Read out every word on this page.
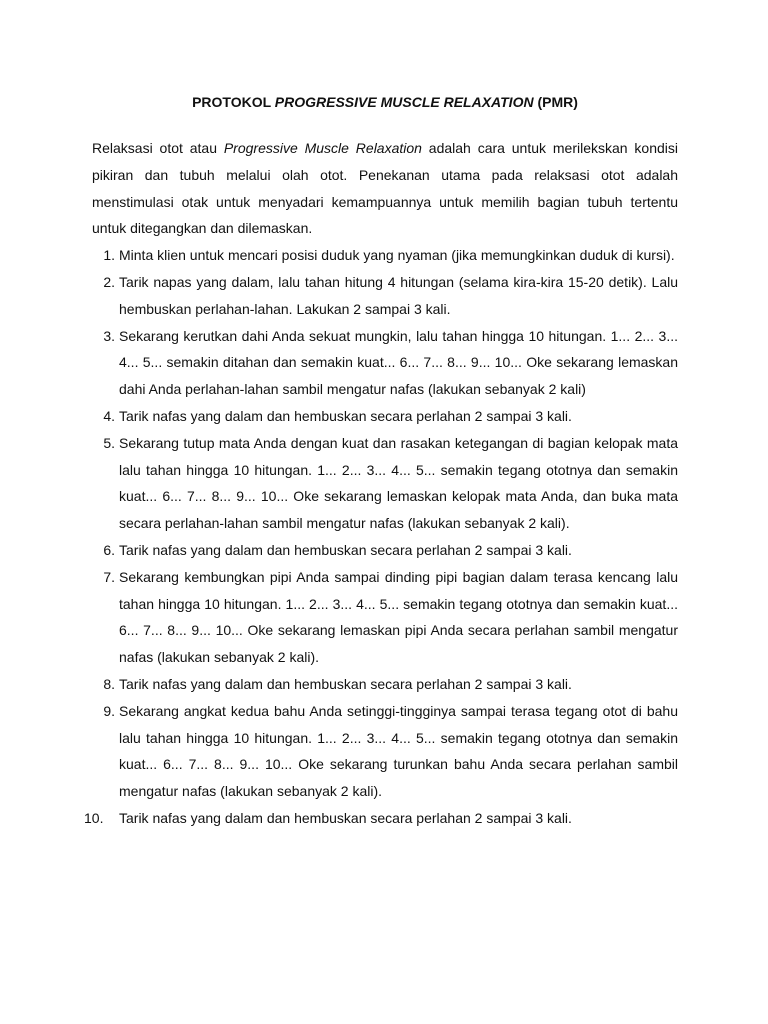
PROTOKOL PROGRESSIVE MUSCLE RELAXATION (PMR)

Relaksasi otot atau Progressive Muscle Relaxation adalah cara untuk merilekskan kondisi pikiran dan tubuh melalui olah otot. Penekanan utama pada relaksasi otot adalah menstimulasi otak untuk menyadari kemampuannya untuk memilih bagian tubuh tertentu untuk ditegangkan dan dilemaskan.

1. Minta klien untuk mencari posisi duduk yang nyaman (jika memungkinkan duduk di kursi).
2. Tarik napas yang dalam, lalu tahan hitung 4 hitungan (selama kira-kira 15-20 detik). Lalu hembuskan perlahan-lahan. Lakukan 2 sampai 3 kali.
3. Sekarang kerutkan dahi Anda sekuat mungkin, lalu tahan hingga 10 hitungan. 1... 2... 3... 4... 5... semakin ditahan dan semakin kuat... 6... 7... 8... 9... 10... Oke sekarang lemaskan dahi Anda perlahan-lahan sambil mengatur nafas (lakukan sebanyak 2 kali)
4. Tarik nafas yang dalam dan hembuskan secara perlahan 2 sampai 3 kali.
5. Sekarang tutup mata Anda dengan kuat dan rasakan ketegangan di bagian kelopak mata lalu tahan hingga 10 hitungan. 1... 2... 3... 4... 5... semakin tegang ototnya dan semakin kuat... 6... 7... 8... 9... 10... Oke sekarang lemaskan kelopak mata Anda, dan buka mata secara perlahan-lahan sambil mengatur nafas (lakukan sebanyak 2 kali).
6. Tarik nafas yang dalam dan hembuskan secara perlahan 2 sampai 3 kali.
7. Sekarang kembungkan pipi Anda sampai dinding pipi bagian dalam terasa kencang lalu tahan hingga 10 hitungan. 1... 2... 3... 4... 5... semakin tegang ototnya dan semakin kuat... 6... 7... 8... 9... 10... Oke sekarang lemaskan pipi Anda secara perlahan sambil mengatur nafas (lakukan sebanyak 2 kali).
8. Tarik nafas yang dalam dan hembuskan secara perlahan 2 sampai 3 kali.
9. Sekarang angkat kedua bahu Anda setinggi-tingginya sampai terasa tegang otot di bahu lalu tahan hingga 10 hitungan. 1... 2... 3... 4... 5... semakin tegang ototnya dan semakin kuat... 6... 7... 8... 9... 10... Oke sekarang turunkan bahu Anda secara perlahan sambil mengatur nafas (lakukan sebanyak 2 kali).
10.	Tarik nafas yang dalam dan hembuskan secara perlahan 2 sampai 3 kali.
